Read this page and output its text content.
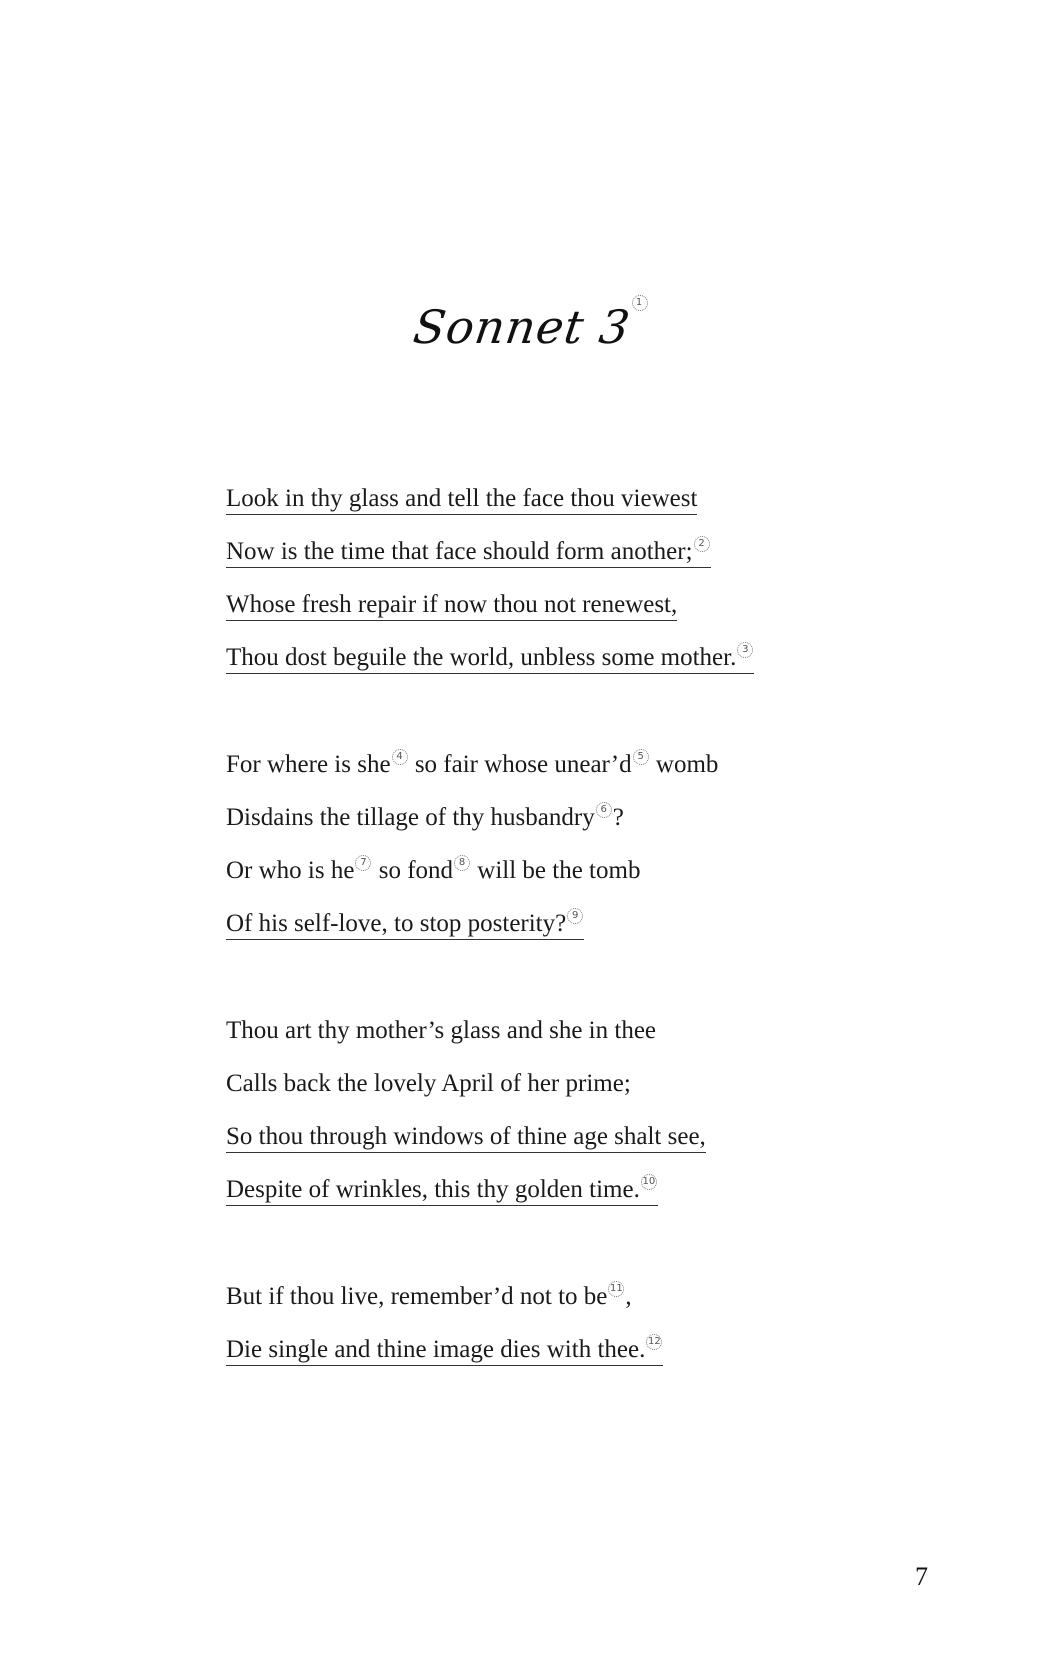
Sonnet 3 1
Look in thy glass and tell the face thou viewest
Now is the time that face should form another; 2
Whose fresh repair if now thou not renewest,
Thou dost beguile the world, unbless some mother. 3
For where is she 4 so fair whose unear’d 5 womb
Disdains the tillage of thy husbandry 6 ?
Or who is he 7 so fond 8 will be the tomb
Of his self-love, to stop posterity? 9
Thou art thy mother’s glass and she in thee
Calls back the lovely April of her prime;
So thou through windows of thine age shalt see,
Despite of wrinkles, this thy golden time. 10
But if thou live, remember’d not to be 11 ,
Die single and thine image dies with thee. 12
7
